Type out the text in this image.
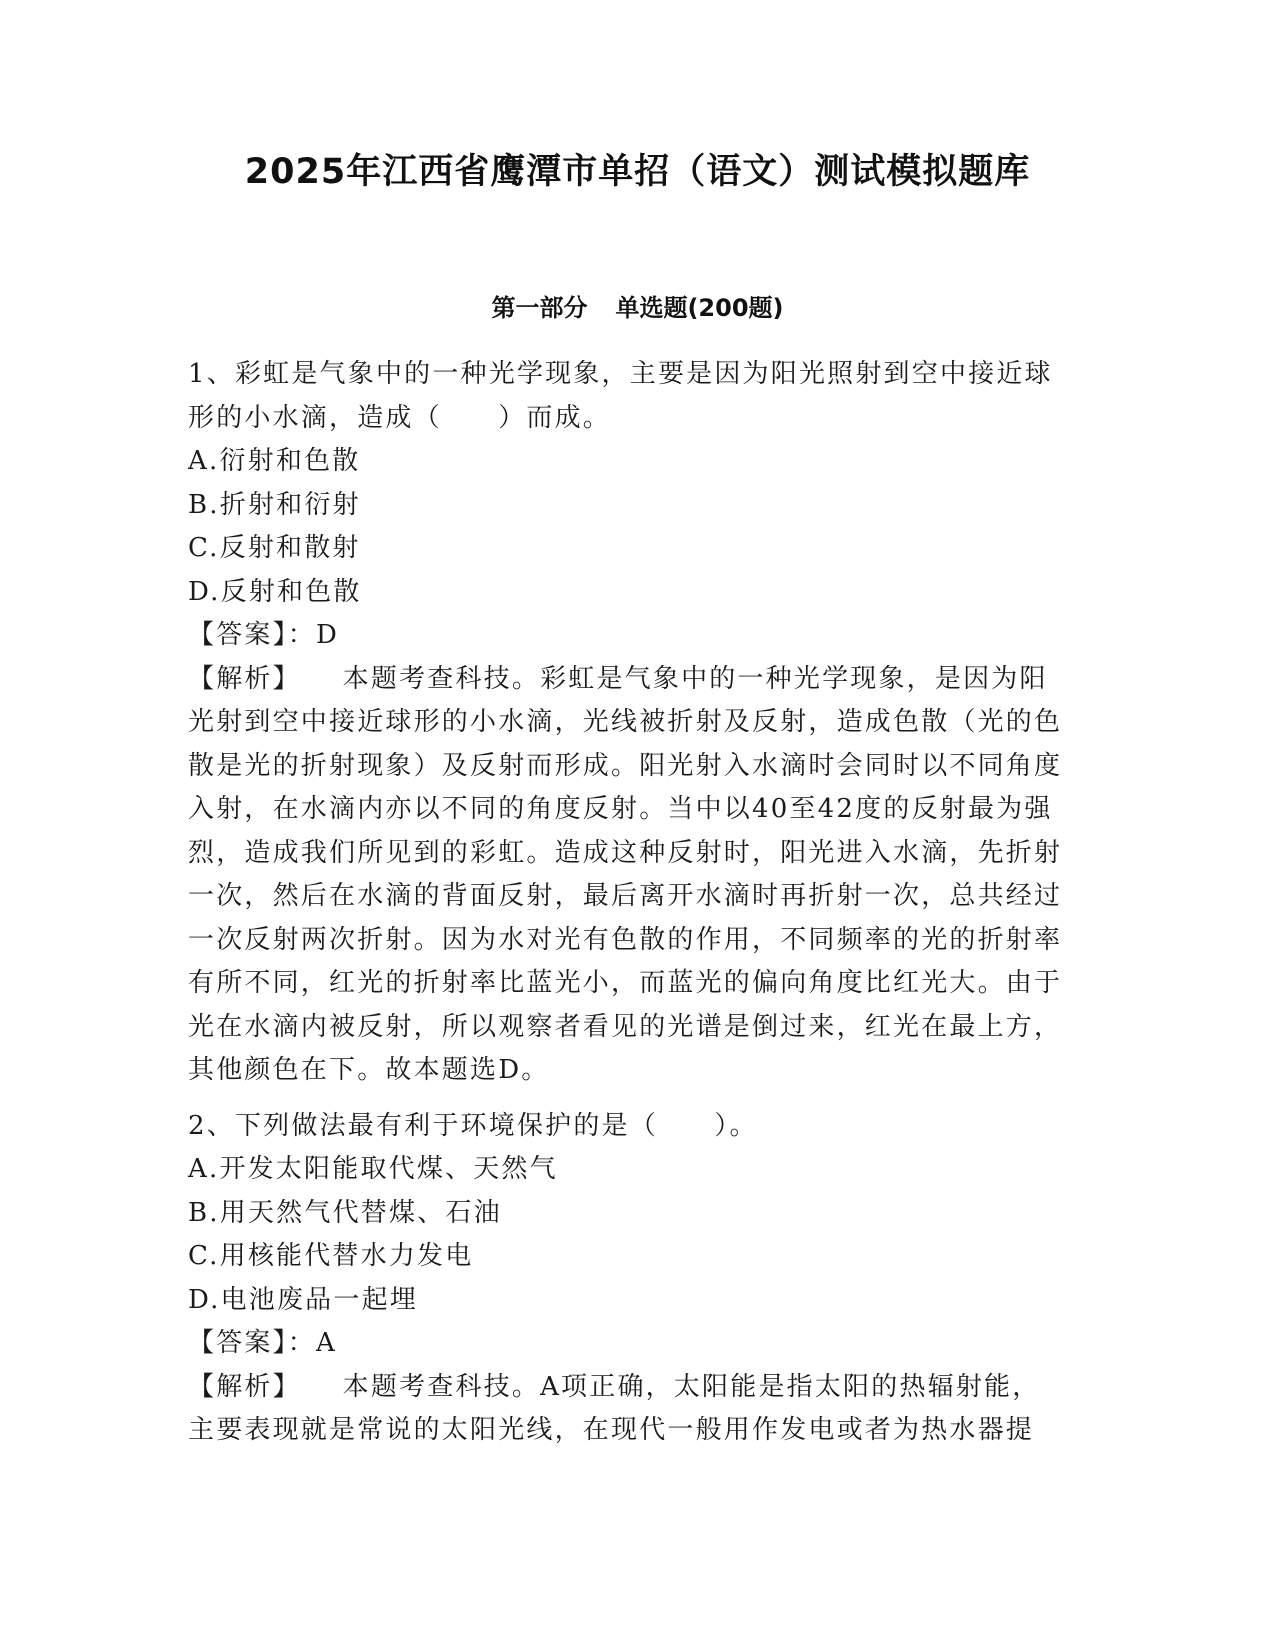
2025年江西省鹰潭市单招（语文）测试模拟题库
第一部分 单选题(200题)
1、彩虹是气象中的一种光学现象，主要是因为阳光照射到空中接近球形的小水滴，造成（　　）而成。
A.衍射和色散
B.折射和衍射
C.反射和散射
D.反射和色散
【答案】：D
【解析】 本题考查科技。彩虹是气象中的一种光学现象，是因为阳光射到空中接近球形的小水滴，光线被折射及反射，造成色散（光的色散是光的折射现象）及反射而形成。阳光射入水滴时会同时以不同角度入射，在水滴内亦以不同的角度反射。当中以40至42度的反射最为强烈，造成我们所见到的彩虹。造成这种反射时，阳光进入水滴，先折射一次，然后在水滴的背面反射，最后离开水滴时再折射一次，总共经过一次反射两次折射。因为水对光有色散的作用，不同频率的光的折射率有所不同，红光的折射率比蓝光小，而蓝光的偏向角度比红光大。由于光在水滴内被反射，所以观察者看见的光谱是倒过来，红光在最上方，其他颜色在下。故本题选D。
2、下列做法最有利于环境保护的是（　　）。
A.开发太阳能取代煤、天然气
B.用天然气代替煤、石油
C.用核能代替水力发电
D.电池废品一起埋
【答案】：A
【解析】 本题考查科技。A项正确，太阳能是指太阳的热辐射能，主要表现就是常说的太阳光线，在现代一般用作发电或者为热水器提
